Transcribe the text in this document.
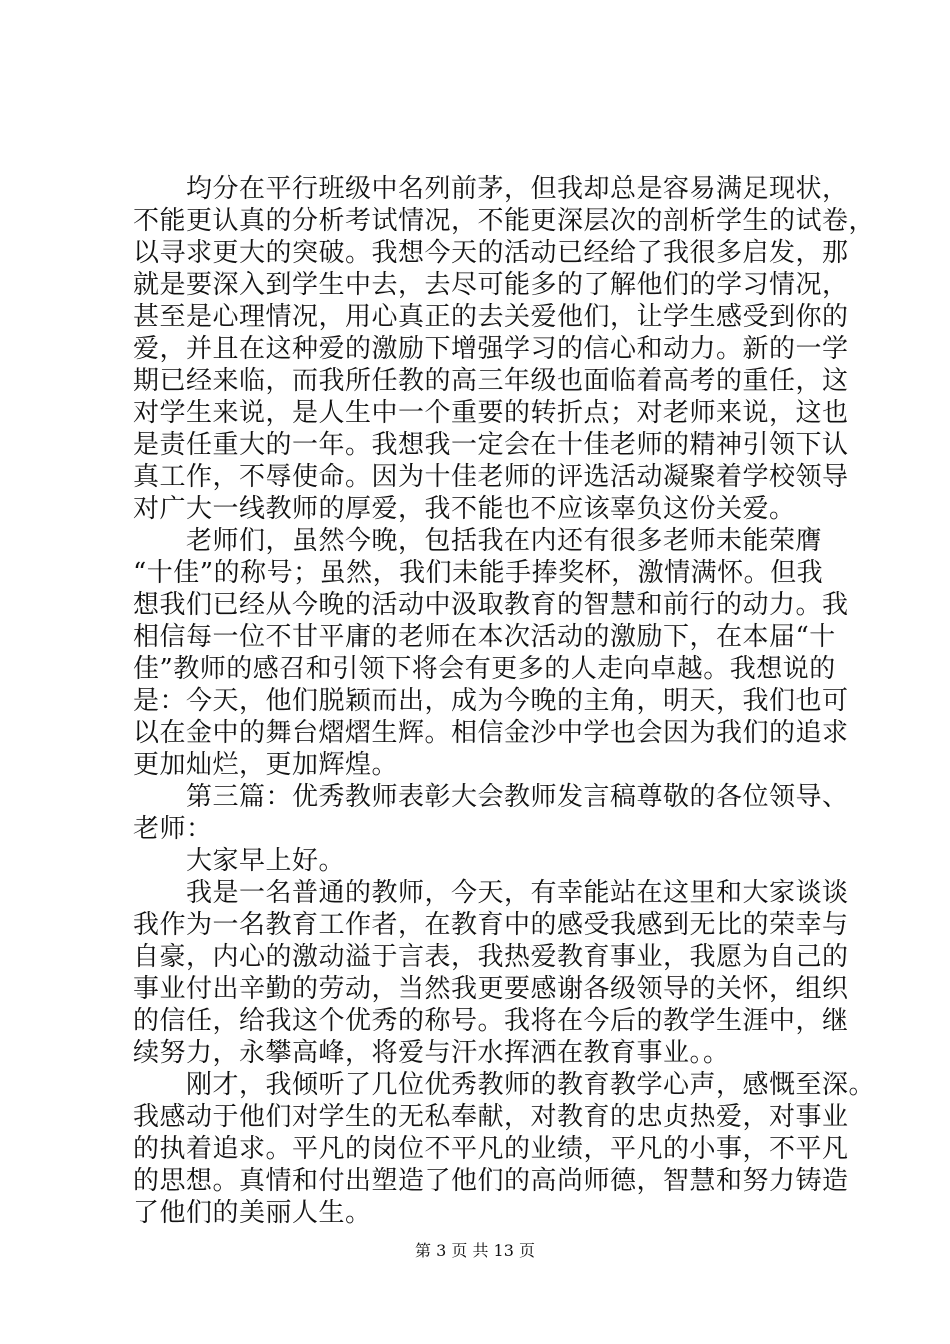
　　均分在平行班级中名列前茅，但我却总是容易满足现状，
不能更认真的分析考试情况，不能更深层次的剖析学生的试卷，
以寻求更大的突破。我想今天的活动已经给了我很多启发，那
就是要深入到学生中去，去尽可能多的了解他们的学习情况，
甚至是心理情况，用心真正的去关爱他们，让学生感受到你的
爱，并且在这种爱的激励下增强学习的信心和动力。新的一学
期已经来临，而我所任教的高三年级也面临着高考的重任，这
对学生来说，是人生中一个重要的转折点；对老师来说，这也
是责任重大的一年。我想我一定会在十佳老师的精神引领下认
真工作，不辱使命。因为十佳老师的评选活动凝聚着学校领导
对广大一线教师的厚爱，我不能也不应该辜负这份关爱。
　　老师们，虽然今晚，包括我在内还有很多老师未能荣膺
“十佳”的称号；虽然，我们未能手捧奖杯，激情满怀。但我
想我们已经从今晚的活动中汲取教育的智慧和前行的动力。我
相信每一位不甘平庸的老师在本次活动的激励下，在本届“十
佳”教师的感召和引领下将会有更多的人走向卓越。我想说的
是：今天，他们脱颖而出，成为今晚的主角，明天，我们也可
以在金中的舞台熠熠生辉。相信金沙中学也会因为我们的追求
更加灿烂，更加辉煌。
　　第三篇：优秀教师表彰大会教师发言稿尊敬的各位领导、
老师：
　　大家早上好。
　　我是一名普通的教师，今天，有幸能站在这里和大家谈谈
我作为一名教育工作者，在教育中的感受我感到无比的荣幸与
自豪，内心的激动溢于言表，我热爱教育事业，我愿为自己的
事业付出辛勤的劳动，当然我更要感谢各级领导的关怀，组织
的信任，给我这个优秀的称号。我将在今后的教学生涯中，继
续努力，永攀高峰，将爱与汗水挥洒在教育事业。。
　　刚才，我倾听了几位优秀教师的教育教学心声，感慨至深。
我感动于他们对学生的无私奉献，对教育的忠贞热爱，对事业
的执着追求。平凡的岗位不平凡的业绩，平凡的小事，不平凡
的思想。真情和付出塑造了他们的高尚师德，智慧和努力铸造
了他们的美丽人生。
第 3 页 共 13 页
